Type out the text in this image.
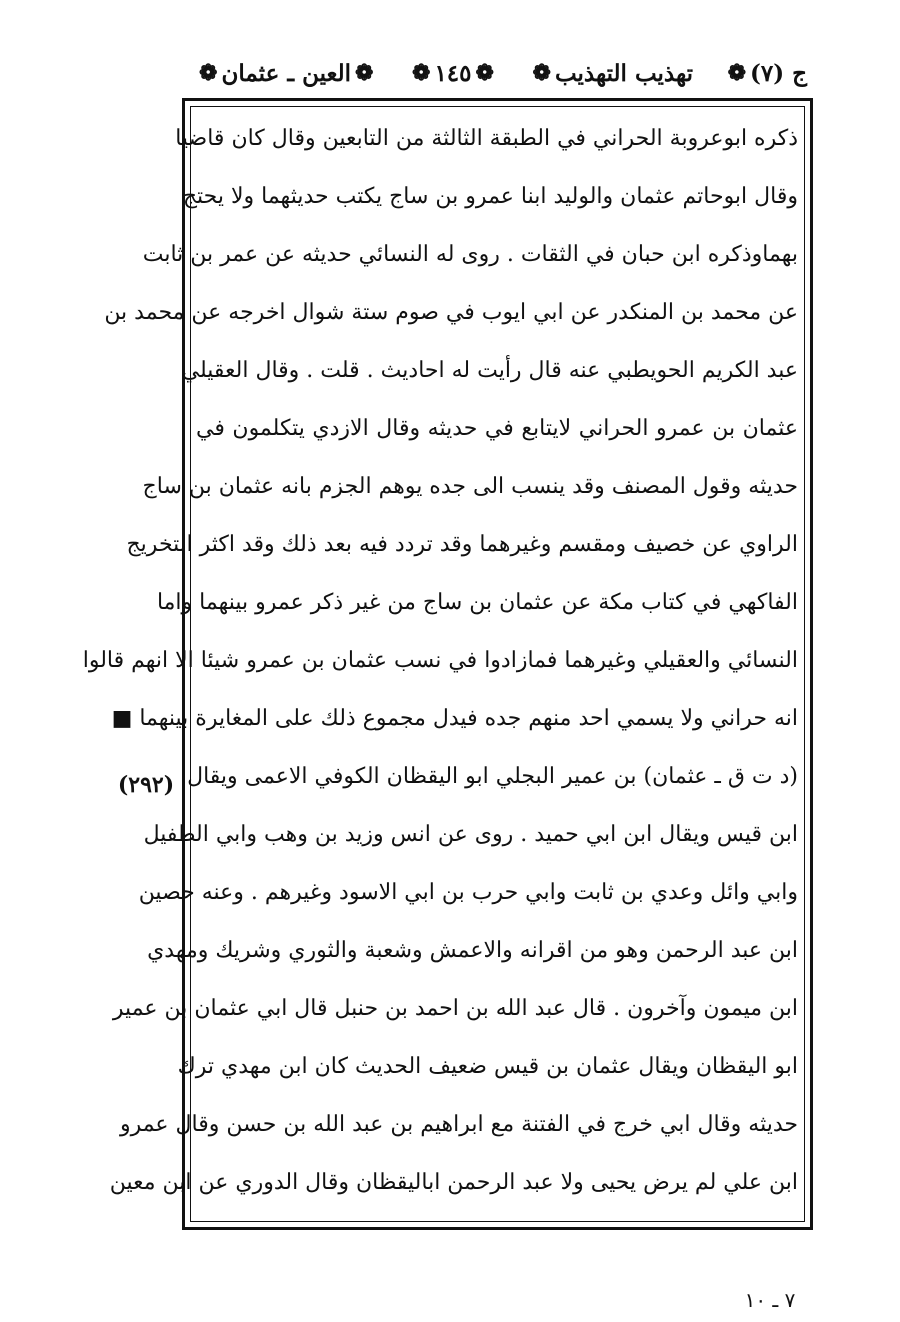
ج (٧)
❁
تهذيب التهذيب
❁
❁
١٤٥
❁
❁
العين ـ عثمان
❁
ذكره ابوعروبة الحراني في الطبقة الثالثة من التابعين وقال كان قاضيا
وقال ابوحاتم عثمان والوليد ابنا عمرو بن ساج يكتب حديثهما ولا يحتج
بهماوذكره ابن حبان في الثقات . روى له النسائي حديثه عن عمر بن ثابت
عن محمد بن المنكدر عن ابي ايوب في صوم ستة شوال اخرجه عن محمد بن
عبد الكريم الحويطبي عنه قال رأيت له احاديث . قلت . وقال العقيلي
عثمان بن عمرو الحراني لايتابع في حديثه وقال الازدي يتكلمون في
حديثه وقول المصنف وقد ينسب الى جده يوهم الجزم بانه عثمان بن ساج
الراوي عن خصيف ومقسم وغيرهما وقد تردد فيه بعد ذلك وقد اكثر التخريج
الفاكهي في كتاب مكة عن عثمان بن ساج من غير ذكر عمرو بينهما واما
النسائي والعقيلي وغيرهما فمازادوا في نسب عثمان بن عمرو شيئا الا انهم قالوا
انه حراني ولا يسمي احد منهم جده فيدل مجموع ذلك على المغايرة بينهما ■
(د ت ق ـ عثمان) بن عمير البجلي ابو اليقظان الكوفي الاعمى ويقال
ابن قيس ويقال ابن ابي حميد . روى عن انس وزيد بن وهب وابي الطفيل
وابي وائل وعدي بن ثابت وابي حرب بن ابي الاسود وغيرهم . وعنه حصين
ابن عبد الرحمن وهو من اقرانه والاعمش وشعبة والثوري وشريك ومهدي
ابن ميمون وآخرون . قال عبد الله بن احمد بن حنبل قال ابي عثمان بن عمير
ابو اليقظان ويقال عثمان بن قيس ضعيف الحديث كان ابن مهدي ترك
حديثه وقال ابي خرج في الفتنة مع ابراهيم بن عبد الله بن حسن وقال عمرو
ابن علي لم يرض يحيى ولا عبد الرحمن اباليقظان وقال الدوري عن ابن معين
(٢٩٢)
٧ ـ ١٠
